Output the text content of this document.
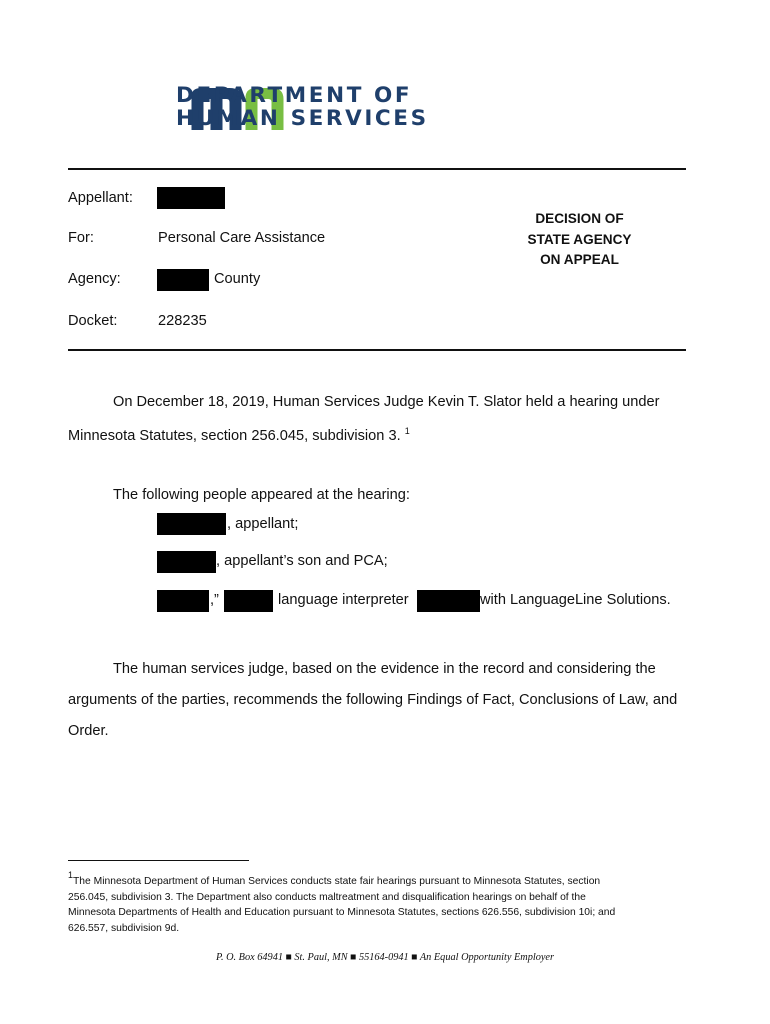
DEPARTMENT OF
HUMAN SERVICES
Appellant:
For:	Personal Care Assistance
Agency:	County
Docket:	228235
DECISION OF
STATE AGENCY
ON APPEAL
On December 18, 2019, Human Services Judge Kevin T. Slator held a hearing under
Minnesota Statutes, section 256.045, subdivision 3. $^1$
The following people appeared at the hearing:
, appellant;
, appellant’s son and PCA;
,”	language interpreter	with LanguageLine Solutions.
The human services judge, based on the evidence in the record and considering the
arguments of the parties, recommends the following Findings of Fact, Conclusions of Law, and
Order.
1The Minnesota Department of Human Services conducts state fair hearings pursuant to Minnesota Statutes, section
256.045, subdivision 3. The Department also conducts maltreatment and disqualification hearings on behalf of the
Minnesota Departments of Health and Education pursuant to Minnesota Statutes, sections 626.556, subdivision 10i; and
626.557, subdivision 9d.
P. O. Box 64941 ■ St. Paul, MN ■ 55164-0941 ■ An Equal Opportunity Employer
